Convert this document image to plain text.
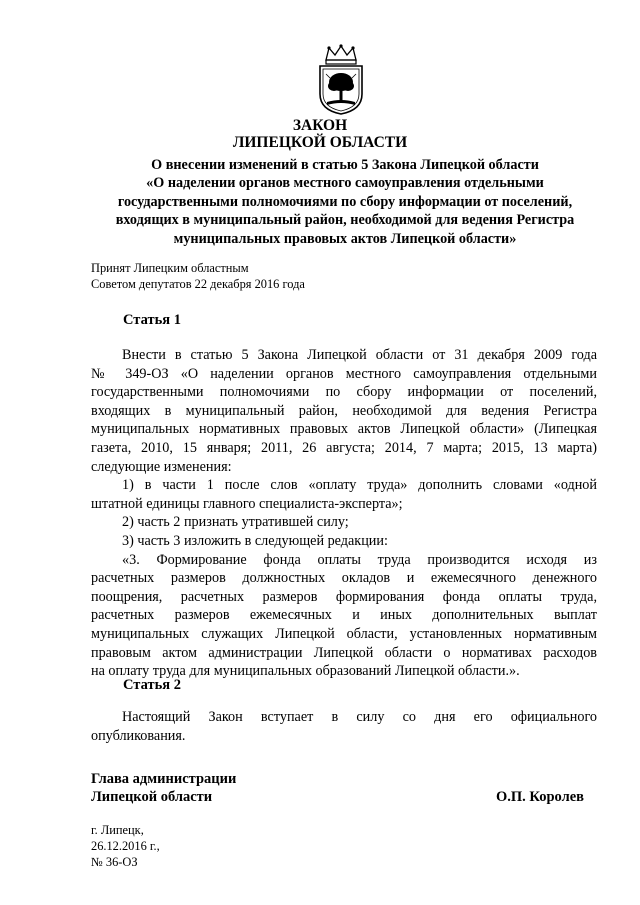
ЗАКОН
ЛИПЕЦКОЙ ОБЛАСТИ
О внесении изменений в статью 5 Закона Липецкой области
«О наделении органов местного самоуправления отдельными
государственными полномочиями по сбору информации от поселений,
входящих в муниципальный район, необходимой для ведения Регистра
муниципальных правовых актов Липецкой области»
Принят Липецким областным
Советом депутатов 22 декабря 2016 года
Статья 1
Внести в статью 5 Закона Липецкой области от 31 декабря 2009 года
№ 349-ОЗ «О наделении органов местного самоуправления отдельными
государственными полномочиями по сбору информации от поселений,
входящих в муниципальный район, необходимой для ведения Регистра
муниципальных нормативных правовых актов Липецкой области» (Липецкая
газета, 2010, 15 января; 2011, 26 августа; 2014, 7 марта; 2015, 13 марта)
следующие изменения:
1) в части 1 после слов «оплату труда» дополнить словами «одной
штатной единицы главного специалиста-эксперта»;
2) часть 2 признать утратившей силу;
3) часть 3 изложить в следующей редакции:
«3. Формирование фонда оплаты труда производится исходя из
расчетных размеров должностных окладов и ежемесячного денежного
поощрения, расчетных размеров формирования фонда оплаты труда,
расчетных размеров ежемесячных и иных дополнительных выплат
муниципальных служащих Липецкой области, установленных нормативным
правовым актом администрации Липецкой области о нормативах расходов
на оплату труда для муниципальных образований Липецкой области.».
Статья 2
Настоящий Закон вступает в силу со дня его официального
опубликования.
Глава администрации
Липецкой области	О.П. Королев
г. Липецк,
26.12.2016 г.,
№ 36-ОЗ
